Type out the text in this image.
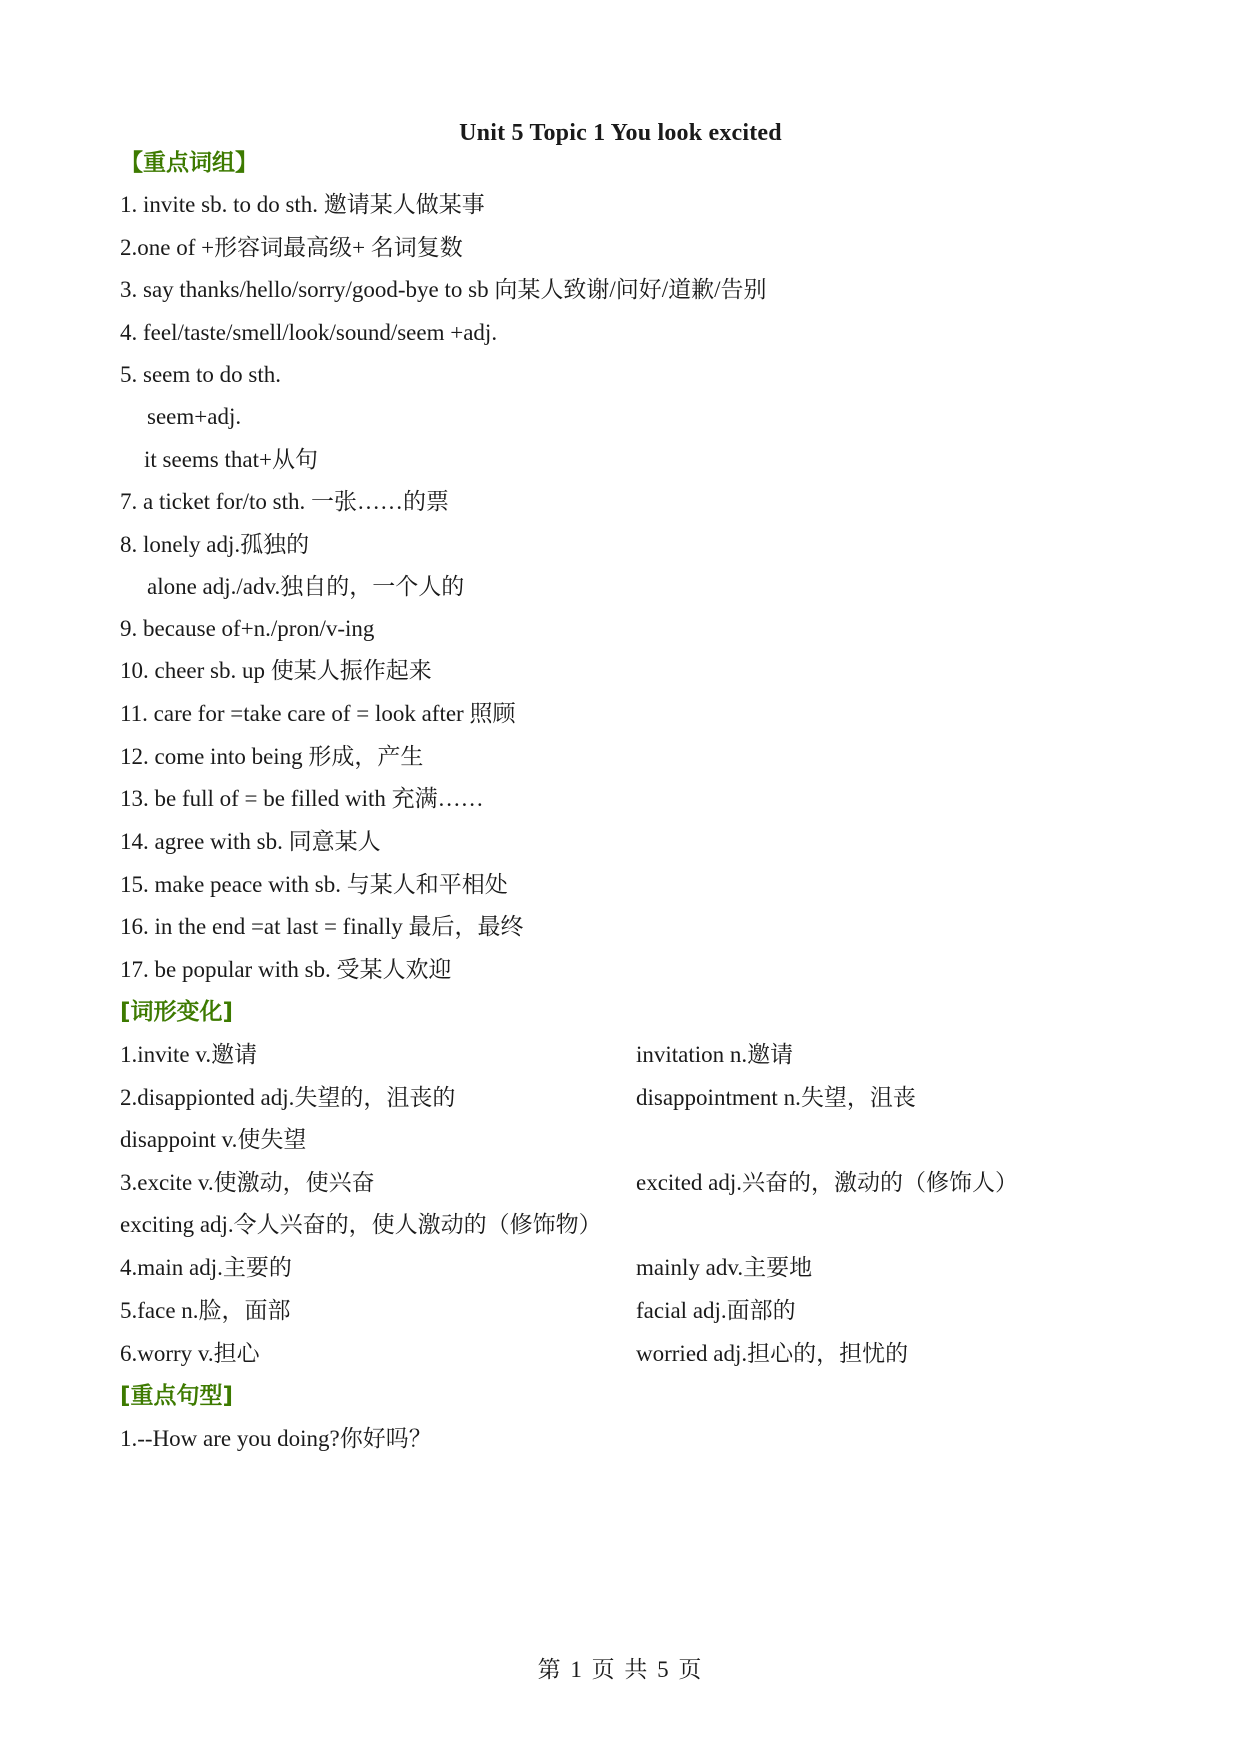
Unit 5 Topic 1 You look excited
【重点词组】
1. invite sb. to do sth. 邀请某人做某事
2.one of +形容词最高级+ 名词复数
3. say thanks/hello/sorry/good-bye to sb 向某人致谢/问好/道歉/告别
4. feel/taste/smell/look/sound/seem +adj.
5. seem to do sth.
seem+adj.
it seems that+从句
7. a ticket for/to sth. 一张……的票
8. lonely adj.孤独的
alone adj./adv.独自的，一个人的
9. because of+n./pron/v-ing
10. cheer sb. up 使某人振作起来
11. care for =take care of = look after 照顾
12. come into being 形成，产生
13. be full of = be filled with 充满……
14. agree with sb. 同意某人
15. make peace with sb. 与某人和平相处
16. in the end =at last = finally 最后，最终
17. be popular with sb. 受某人欢迎
[词形变化]
1.invite v.邀请	invitation n.邀请
2.disappionted adj.失望的，沮丧的	disappointment n.失望，沮丧
disappoint v.使失望
3.excite v.使激动，使兴奋	excited adj.兴奋的，激动的（修饰人）
exciting adj.令人兴奋的，使人激动的（修饰物）
4.main adj.主要的	mainly adv.主要地
5.face n.脸，面部	facial adj.面部的
6.worry v.担心	worried adj.担心的，担忧的
[重点句型]
1.--How are you doing?你好吗？
第 1 页 共 5 页
